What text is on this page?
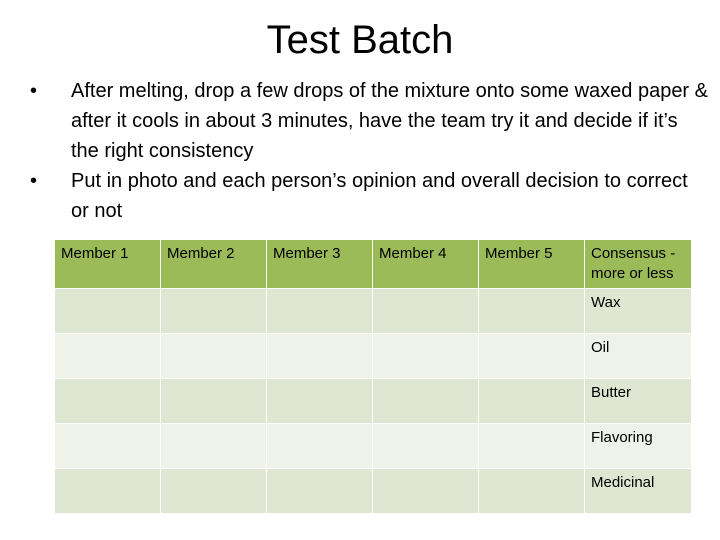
Test Batch
•	After melting, drop a few drops of the mixture onto some waxed paper & after it cools in about 3 minutes, have the team try it and decide if it’s the right consistency
•	Put in photo and each person’s opinion and overall decision to correct or not
Member 1	Member 2	Member 3	Member 4	Member 5	Consensus - more or less
					Wax
					Oil
					Butter
					Flavoring
					Medicinal
